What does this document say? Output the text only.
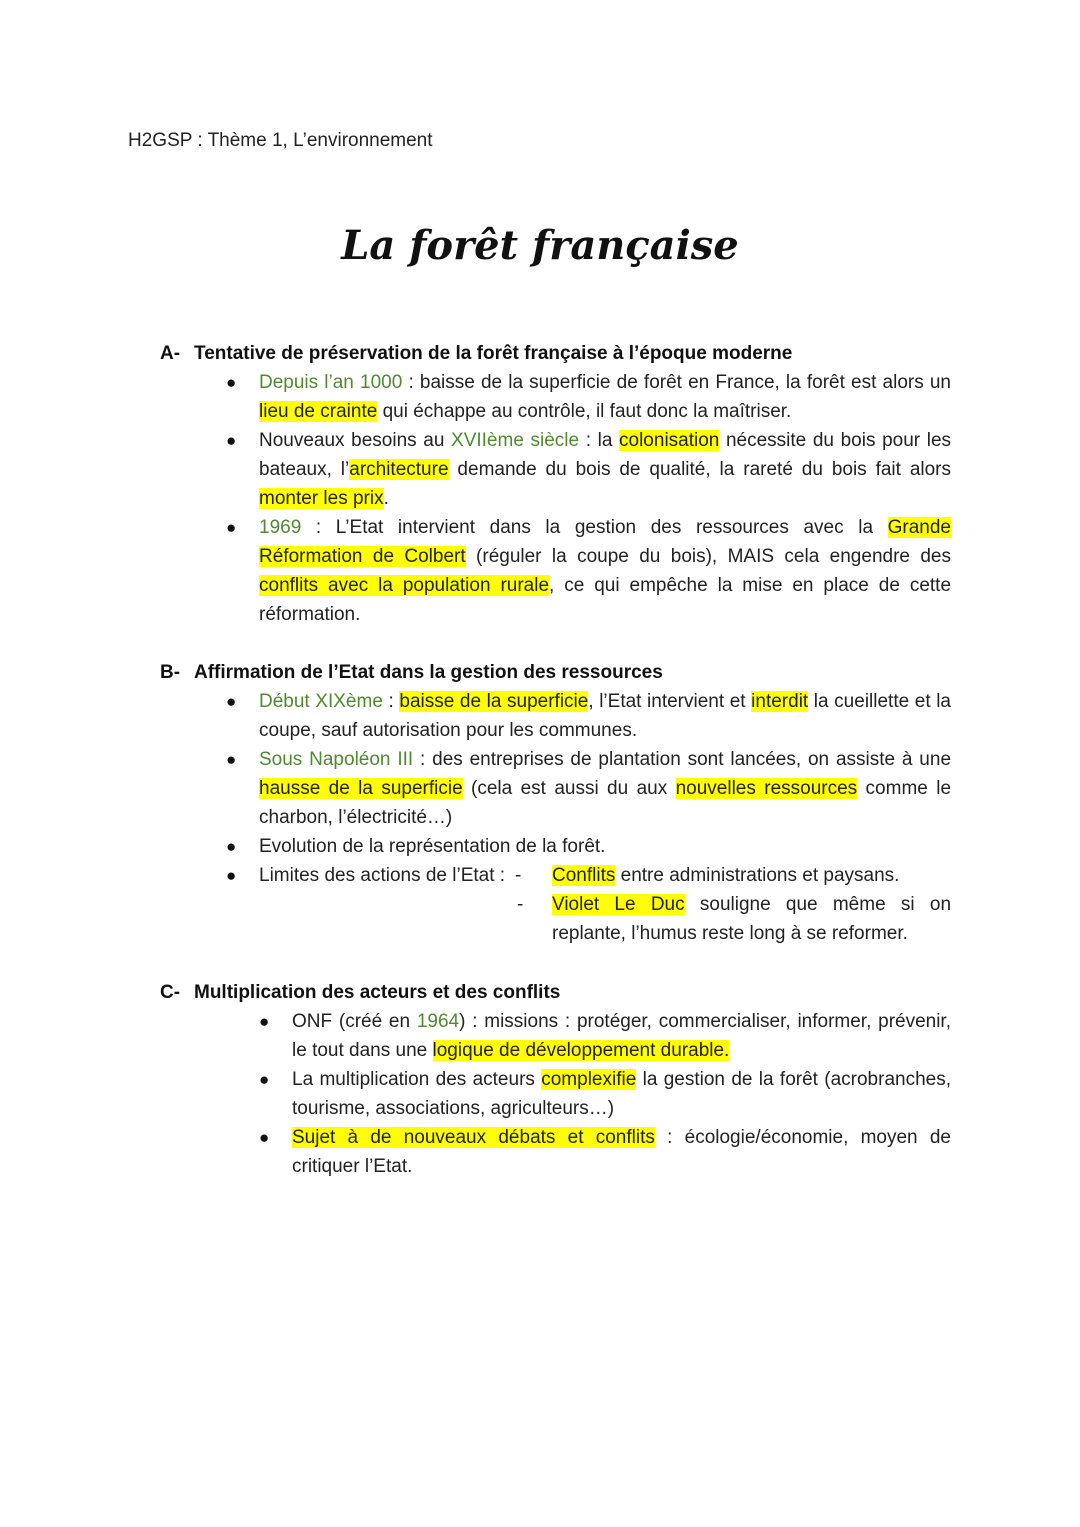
H2GSP : Thème 1, L’environnement
La forêt française
A- Tentative de préservation de la forêt française à l’époque moderne
● Depuis l’an 1000 : baisse de la superficie de forêt en France, la forêt est alors un lieu de crainte qui échappe au contrôle, il faut donc la maîtriser.
● Nouveaux besoins au XVIIème siècle : la colonisation nécessite du bois pour les bateaux, l’architecture demande du bois de qualité, la rareté du bois fait alors monter les prix.
● 1969 : L’Etat intervient dans la gestion des ressources avec la Grande Réformation de Colbert (réguler la coupe du bois), MAIS cela engendre des conflits avec la population rurale, ce qui empêche la mise en place de cette réformation.
B- Affirmation de l’Etat dans la gestion des ressources
● Début XIXème : baisse de la superficie, l’Etat intervient et interdit la cueillette et la coupe, sauf autorisation pour les communes.
● Sous Napoléon III : des entreprises de plantation sont lancées, on assiste à une hausse de la superficie (cela est aussi du aux nouvelles ressources comme le charbon, l’électricité…)
● Evolution de la représentation de la forêt.
● Limites des actions de l’Etat : - Conflits entre administrations et paysans.
- Violet Le Duc souligne que même si on replante, l’humus reste long à se reformer.
C- Multiplication des acteurs et des conflits
● ONF (créé en 1964) : missions : protéger, commercialiser, informer, prévenir, le tout dans une logique de développement durable.
● La multiplication des acteurs complexifie la gestion de la forêt (acrobranches, tourisme, associations, agriculteurs…)
● Sujet à de nouveaux débats et conflits : écologie/économie, moyen de critiquer l’Etat.
